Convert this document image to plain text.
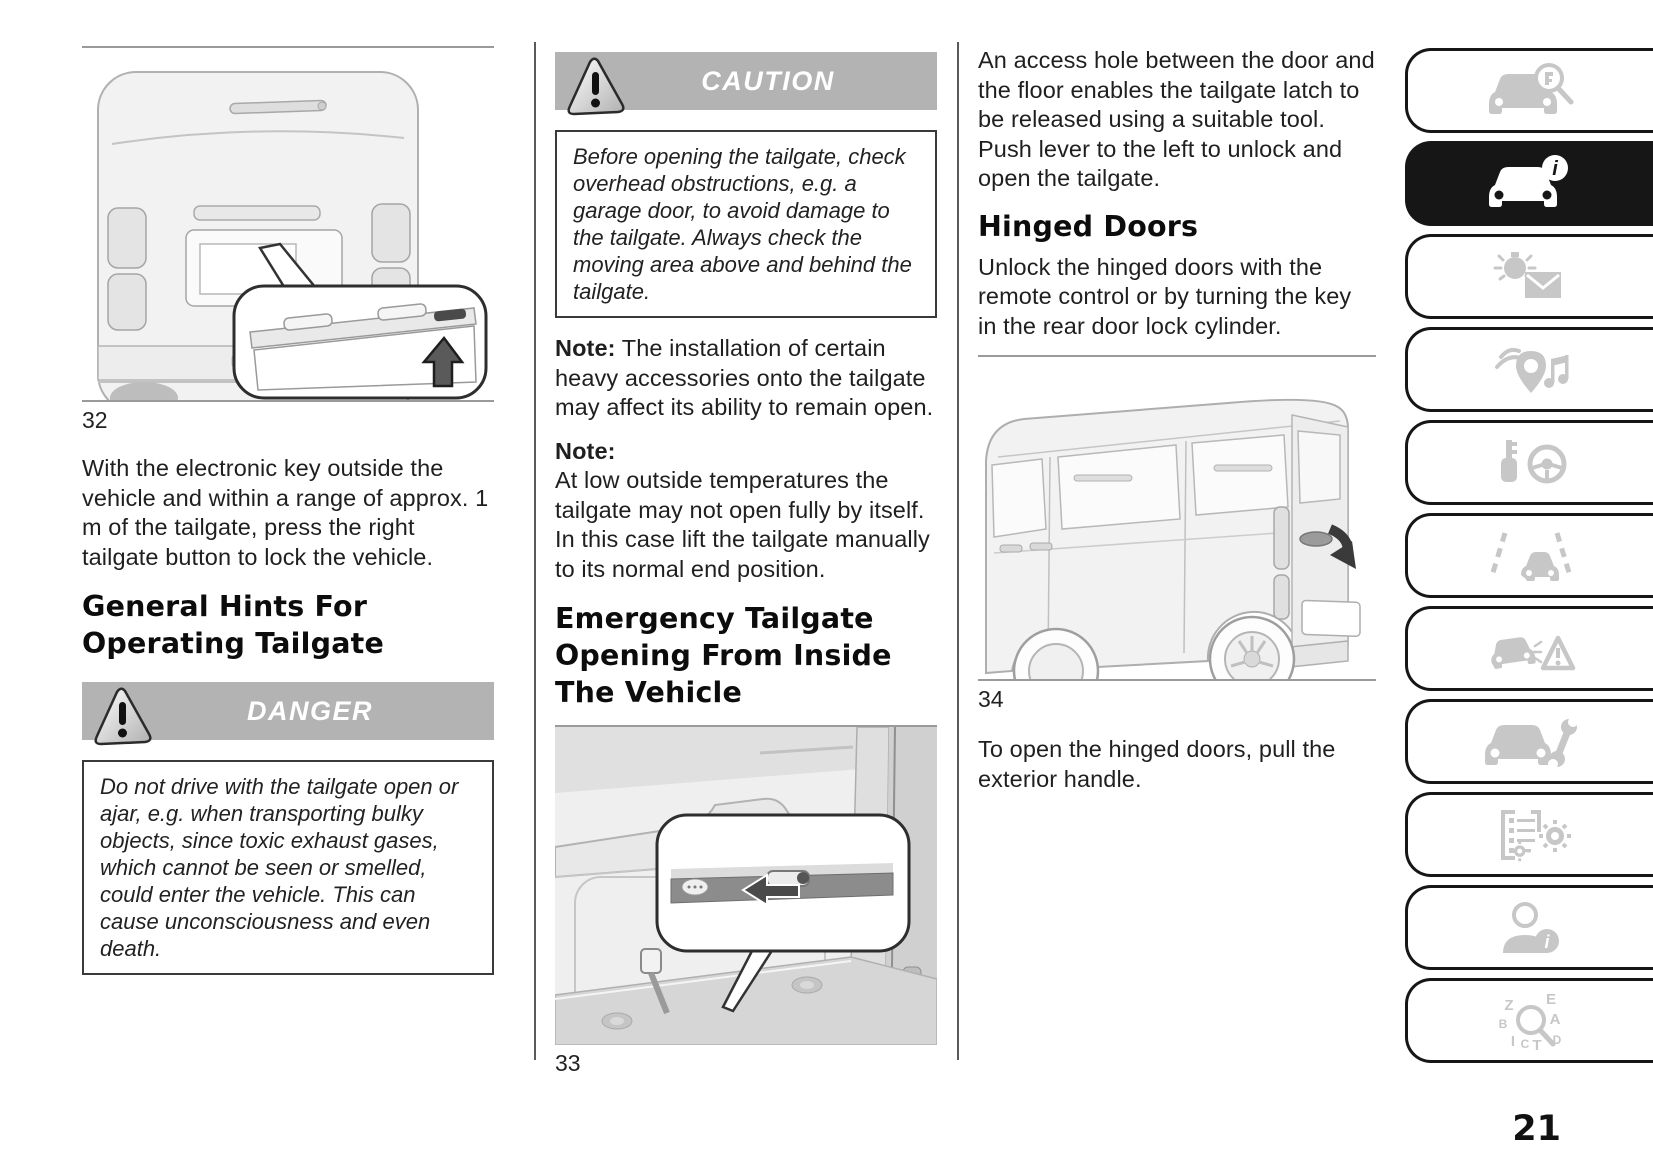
32

With the electronic key outside the vehicle and within a range of approx. 1 m of the tailgate, press the right tailgate button to lock the vehicle.

General Hints For Operating Tailgate
DANGER
Do not drive with the tailgate open or ajar, e.g. when transporting bulky objects, since toxic exhaust gases, which cannot be seen or smelled, could enter the vehicle. This can cause unconsciousness and even death.
CAUTION
Before opening the tailgate, check overhead obstructions, e.g. a garage door, to avoid damage to the tailgate. Always check the moving area above and behind the tailgate.

Note: The installation of certain heavy accessories onto the tailgate may affect its ability to remain open.

Note:
At low outside temperatures the tailgate may not open fully by itself.
In this case lift the tailgate manually to its normal end position.
Emergency Tailgate Opening From Inside The Vehicle
33
An access hole between the door and the floor enables the tailgate latch to be released using a suitable tool.
Push lever to the left to unlock and open the tailgate.
Hinged Doors

Unlock the hinged doors with the remote control or by turning the key in the rear door lock cylinder.

34

To open the hinged doors, pull the exterior handle.

i
i
Z E
B	A
I C T D
21
